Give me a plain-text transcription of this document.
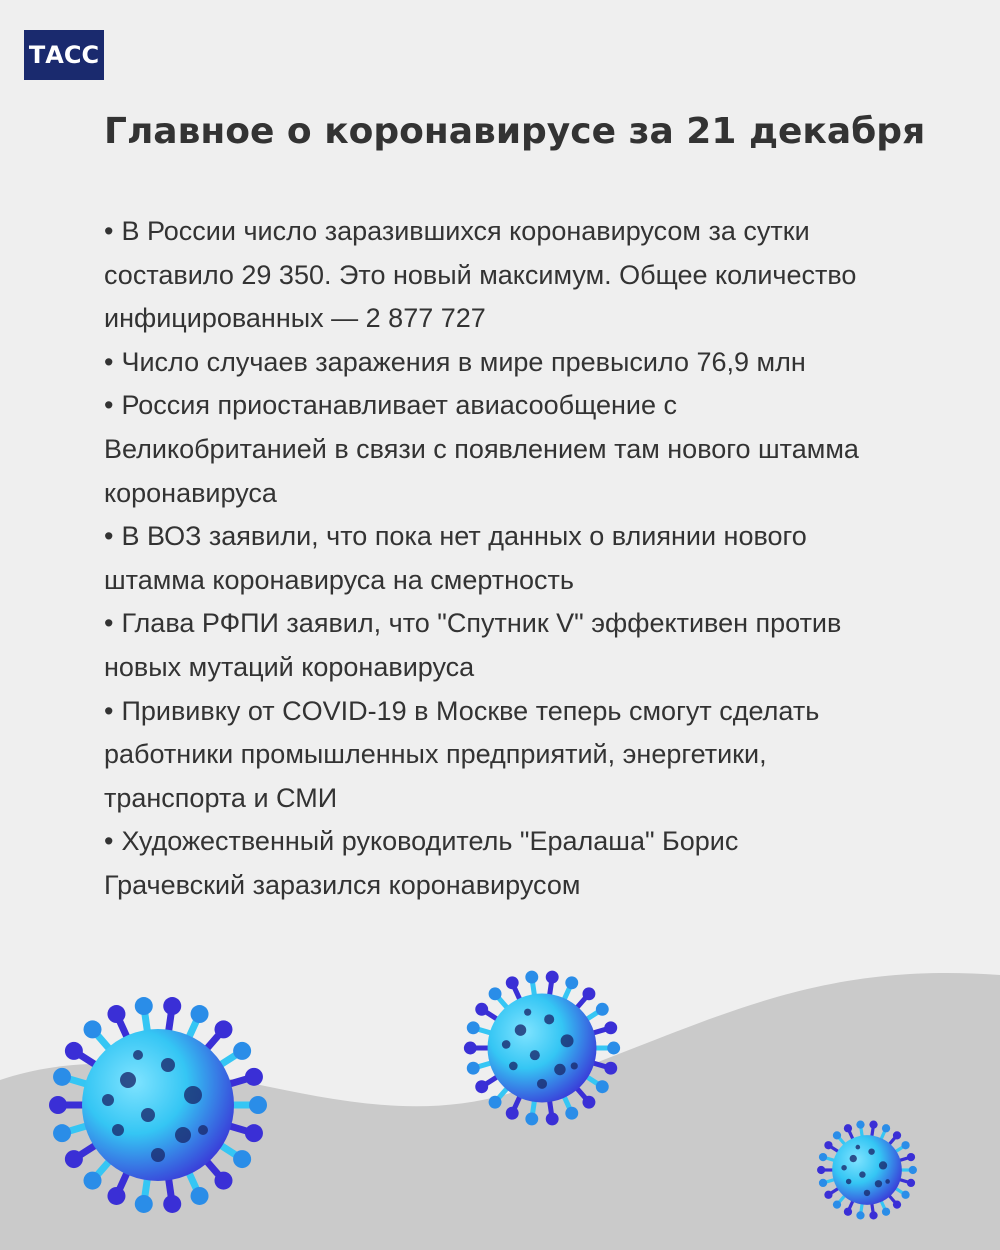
ТАСС
Главное о коронавирусе за 21 декабря

• В России число заразившихся коронавирусом за сутки составило 29 350. Это новый максимум. Общее количество инфицированных — 2 877 727

• Число случаев заражения в мире превысило 76,9 млн

• Россия приостанавливает авиасообщение с Великобританией в связи с появлением там нового штамма коронавируса

• В ВОЗ заявили, что пока нет данных о влиянии нового штамма коронавируса на смертность

• Глава РФПИ заявил, что "Спутник V" эффективен против новых мутаций коронавируса

• Прививку от COVID-19 в Москве теперь смогут сделать работники промышленных предприятий, энергетики, транспорта и СМИ

• Художественный руководитель "Ералаша" Борис Грачевский заразился коронавирусом
